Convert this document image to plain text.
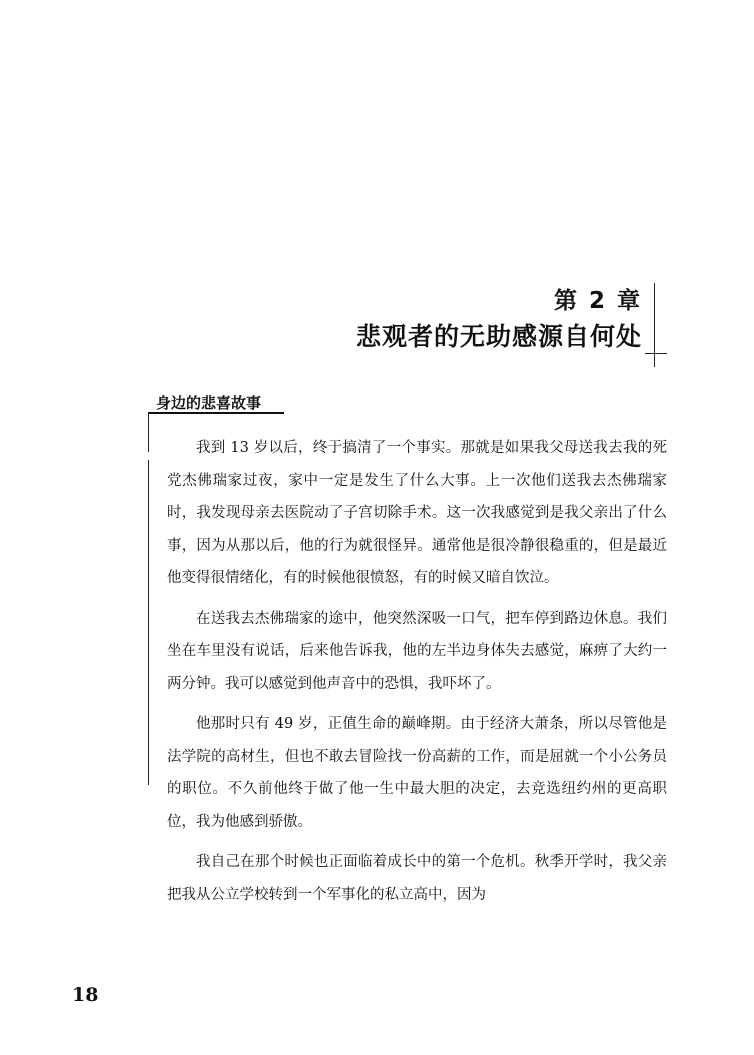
第 2 章
悲观者的无助感源自何处
身边的悲喜故事

我到 13 岁以后，终于搞清了一个事实。那就是如果我父母送我去我的死党杰佛瑞家过夜，家中一定是发生了什么大事。上一次他们送我去杰佛瑞家时，我发现母亲去医院动了子宫切除手术。这一次我感觉到是我父亲出了什么事，因为从那以后，他的行为就很怪异。通常他是很冷静很稳重的，但是最近他变得很情绪化，有的时候他很愤怒，有的时候又暗自饮泣。

在送我去杰佛瑞家的途中，他突然深吸一口气，把车停到路边休息。我们坐在车里没有说话，后来他告诉我，他的左半边身体失去感觉，麻痹了大约一两分钟。我可以感觉到他声音中的恐惧，我吓坏了。

他那时只有 49 岁，正值生命的巅峰期。由于经济大萧条，所以尽管他是法学院的高材生，但也不敢去冒险找一份高薪的工作，而是屈就一个小公务员的职位。不久前他终于做了他一生中最大胆的决定，去竞选纽约州的更高职位，我为他感到骄傲。

我自己在那个时候也正面临着成长中的第一个危机。秋季开学时，我父亲把我从公立学校转到一个军事化的私立高中，因为

18
